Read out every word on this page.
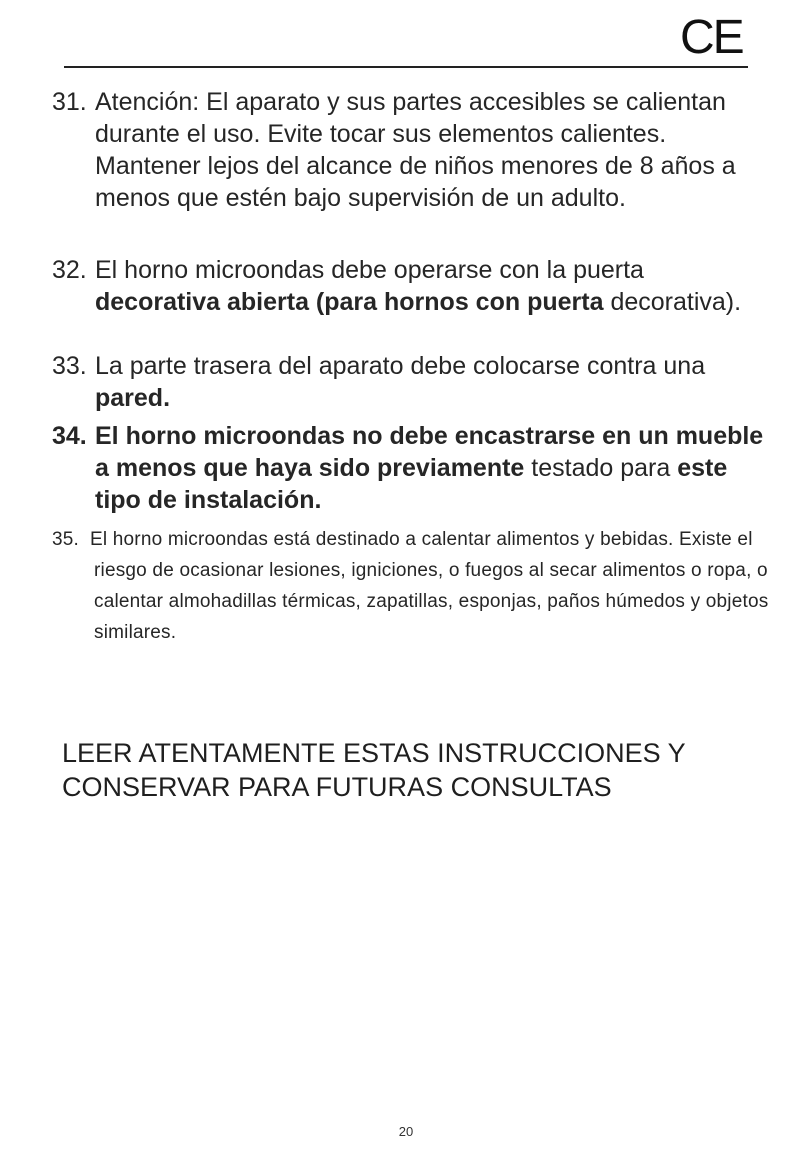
CE
31. Atención: El aparato y sus partes accesibles se calientan durante el uso. Evite tocar sus elementos calientes. Mantener lejos del alcance de niños menores de 8 años a menos que estén bajo supervisión de un adulto.
32. El horno microondas debe operarse con la puerta decorativa abierta (para hornos con puerta decorativa).
33. La parte trasera del aparato debe colocarse contra una pared.
34. El horno microondas no debe encastrarse en un mueble a menos que haya sido previamente testado para este tipo de instalación.
35. El horno microondas está destinado a calentar alimentos y bebidas. Existe el riesgo de ocasionar lesiones, igniciones, o fuegos al secar alimentos o ropa, o calentar almohadillas térmicas, zapatillas, esponjas, paños húmedos y objetos similares.
LEER ATENTAMENTE ESTAS INSTRUCCIONES Y
CONSERVAR PARA FUTURAS CONSULTAS
20
